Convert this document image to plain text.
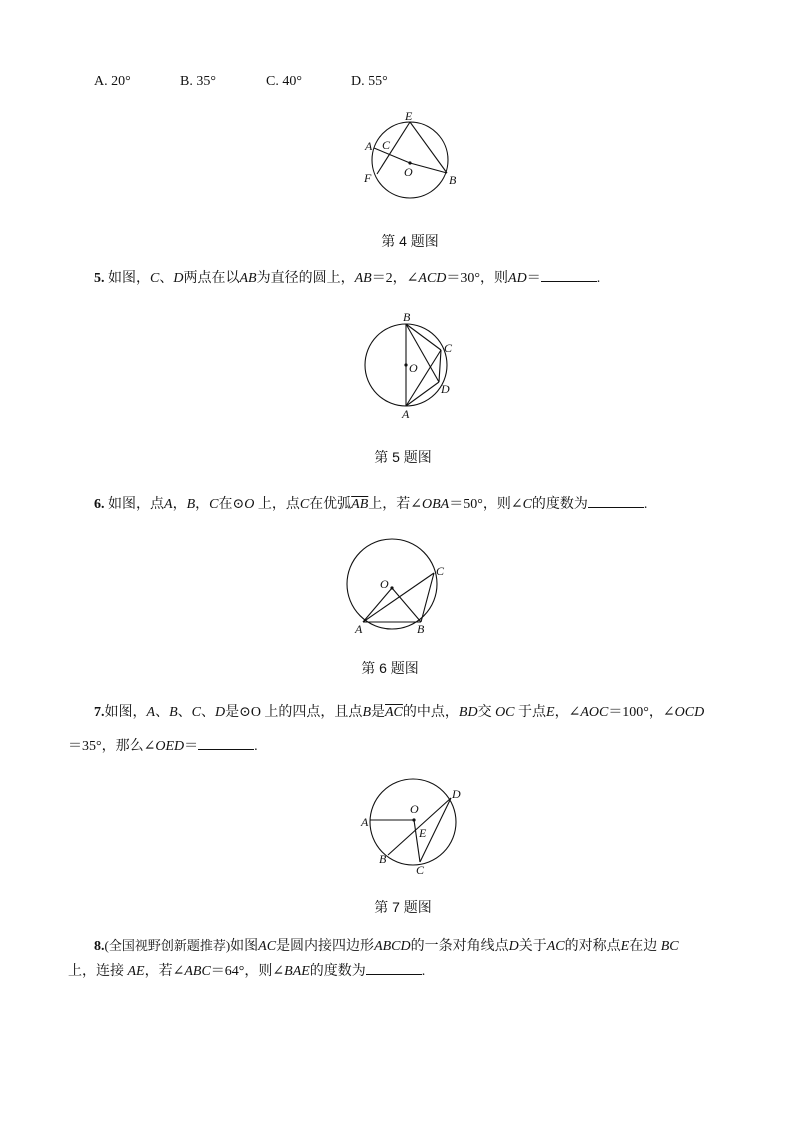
A. 20°	B. 35°	C. 40°	D. 55°
E
A C
O
F	B
第 4 题图
5. 如图，C、D两点在以AB为直径的圆上，AB＝2，∠ACD＝30°，则AD＝	.
B
C
O
D
A
第 5 题图
6. 如图，点A，B，C在⊙O 上，点C在优弧$\overline{AB}$上，若∠OBA＝50°，则∠C的度数为	.
O
C
A	B
第 6 题图
7.如图，A、B、C、D是⊙O 上的四点，且点B是$\overline{AC}$的中点，BD交 OC 于点E，∠AOC＝100°，∠OCD
＝35°，那么∠OED＝	.
O
D
A
E
B
C
第 7 题图
8.(全国视野创新题推荐)如图AC是圆内接四边形ABCD的一条对角线点D关于AC的对称点E在边 BC
上，连接 AE，若∠ABC＝64°，则∠BAE的度数为	.
